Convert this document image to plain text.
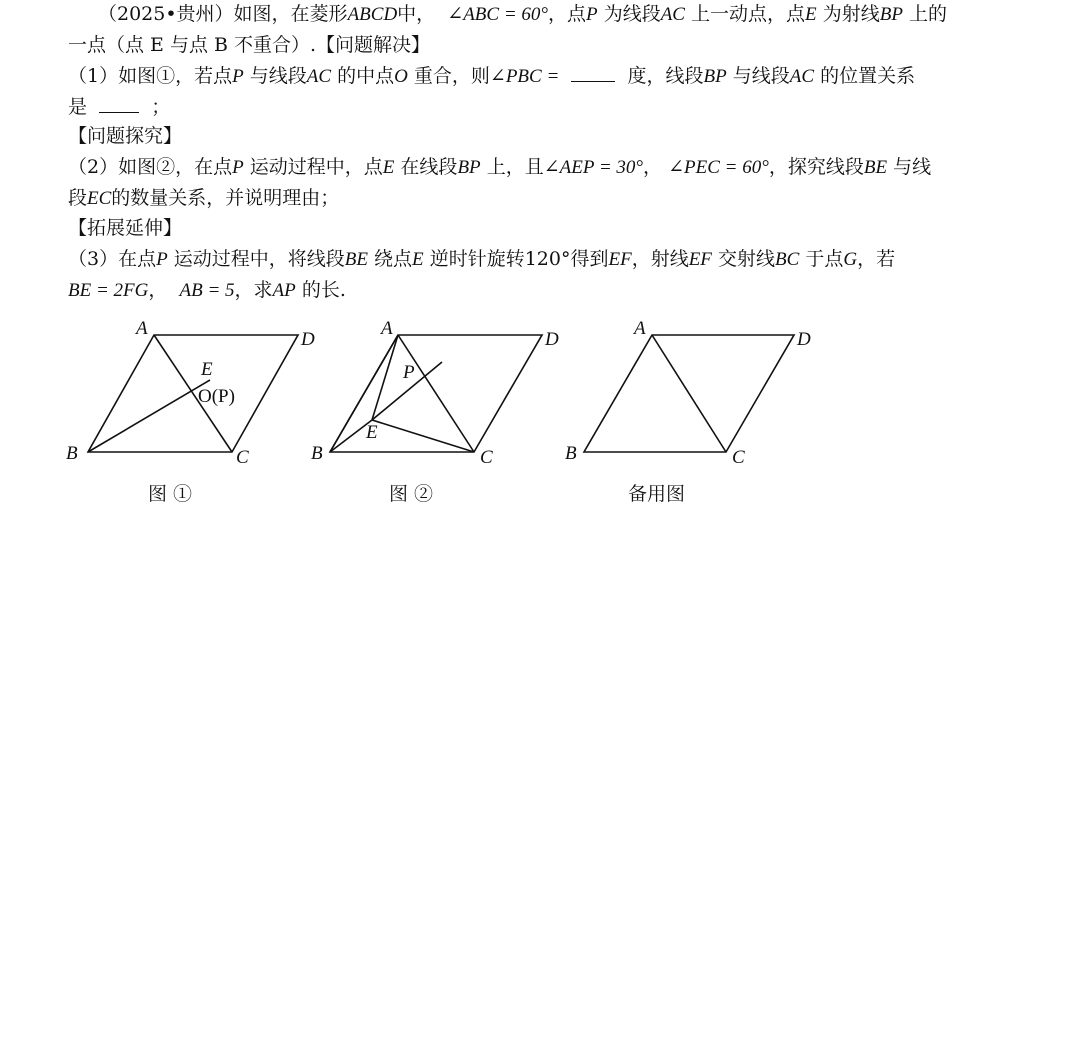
（2025•贵州）如图，在菱形ABCD中， ∠ABC = 60°，点P 为线段AC 上一动点，点E 为射线BP 上的
一点（点 E 与点 B 不重合）.【问题解决】
（1）如图①，若点P 与线段AC 的中点O 重合，则∠PBC =	度，线段BP 与线段AC 的位置关系
是	；
【问题探究】
（2）如图②，在点P 运动过程中，点E 在线段BP 上，且∠AEP = 30°， ∠PEC = 60°，探究线段BE 与线
段EC的数量关系，并说明理由；
【拓展延伸】
（3）在点P 运动过程中，将线段BE 绕点E 逆时针旋转120°得到EF，射线EF 交射线BC 于点G，若
BE = 2FG， AB = 5，求AP 的长.
A
D
B	C
E
O(P)
图 ①
A
D
B	C
E
P
图 ②
A
D
B	C
备用图
